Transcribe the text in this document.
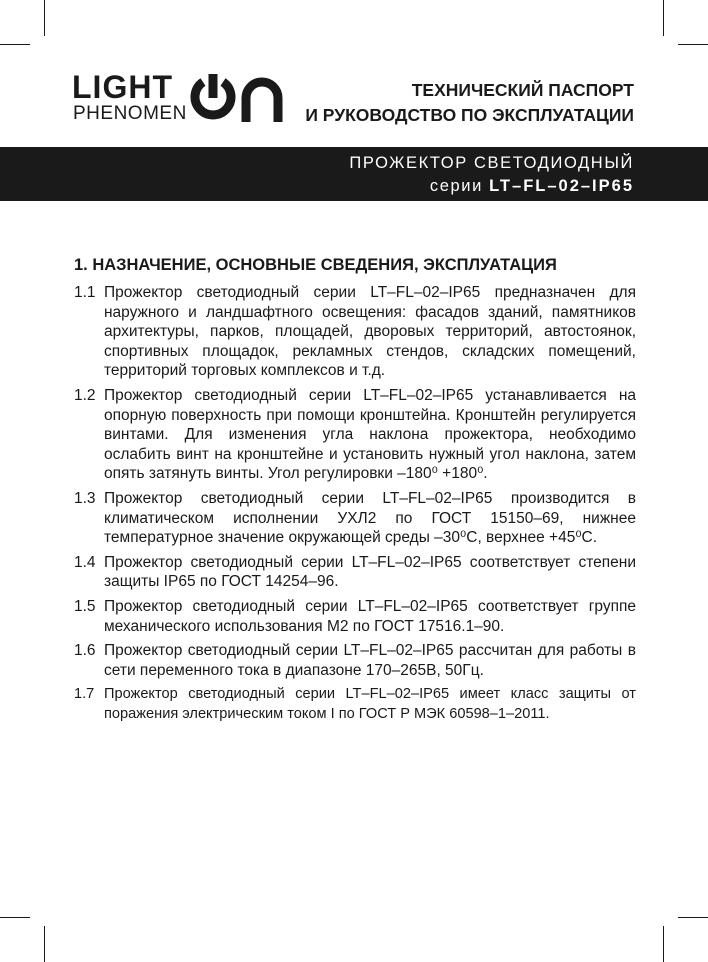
LIGHT
PHENOMEN
ТЕХНИЧЕСКИЙ ПАСПОРТ
И РУКОВОДСТВО ПО ЭКСПЛУАТАЦИИ
ПРОЖЕКТОР СВЕТОДИОДНЫЙ
серии LT–FL–02–IP65
1. НАЗНАЧЕНИЕ, ОСНОВНЫЕ СВЕДЕНИЯ, ЭКСПЛУАТАЦИЯ
1.1 Прожектор светодиодный серии LT–FL–02–IP65 предназначен для наружного и ландшафтного освещения: фасадов зданий, памятников архитектуры, парков, площадей, дворовых территорий, автостоянок, спортивных площадок, рекламных стендов, складских помещений, территорий торговых комплексов и т.д.
1.2 Прожектор светодиодный серии LT–FL–02–IP65 устанавливается на опорную поверхность при помощи кронштейна. Кронштейн регулируется винтами. Для изменения угла наклона прожектора, необходимо ослабить винт на кронштейне и установить нужный угол наклона, затем опять затянуть винты. Угол регулировки –180⁰ +180⁰.
1.3 Прожектор светодиодный серии LT–FL–02–IP65 производится в климатическом исполнении УХЛ2 по ГОСТ 15150–69, нижнее температурное значение окружающей среды –30⁰С, верхнее +45⁰С.
1.4 Прожектор светодиодный серии LT–FL–02–IP65 соответствует степени защиты IP65 по ГОСТ 14254–96.
1.5 Прожектор светодиодный серии LT–FL–02–IP65 соответствует группе механического использования М2 по ГОСТ 17516.1–90.
1.6 Прожектор светодиодный серии LT–FL–02–IP65 рассчитан для работы в сети переменного тока в диапазоне 170–265В, 50Гц.
1.7 Прожектор светодиодный серии LT–FL–02–IP65 имеет класс защиты от поражения электрическим током I по ГОСТ Р МЭК 60598–1–2011.
